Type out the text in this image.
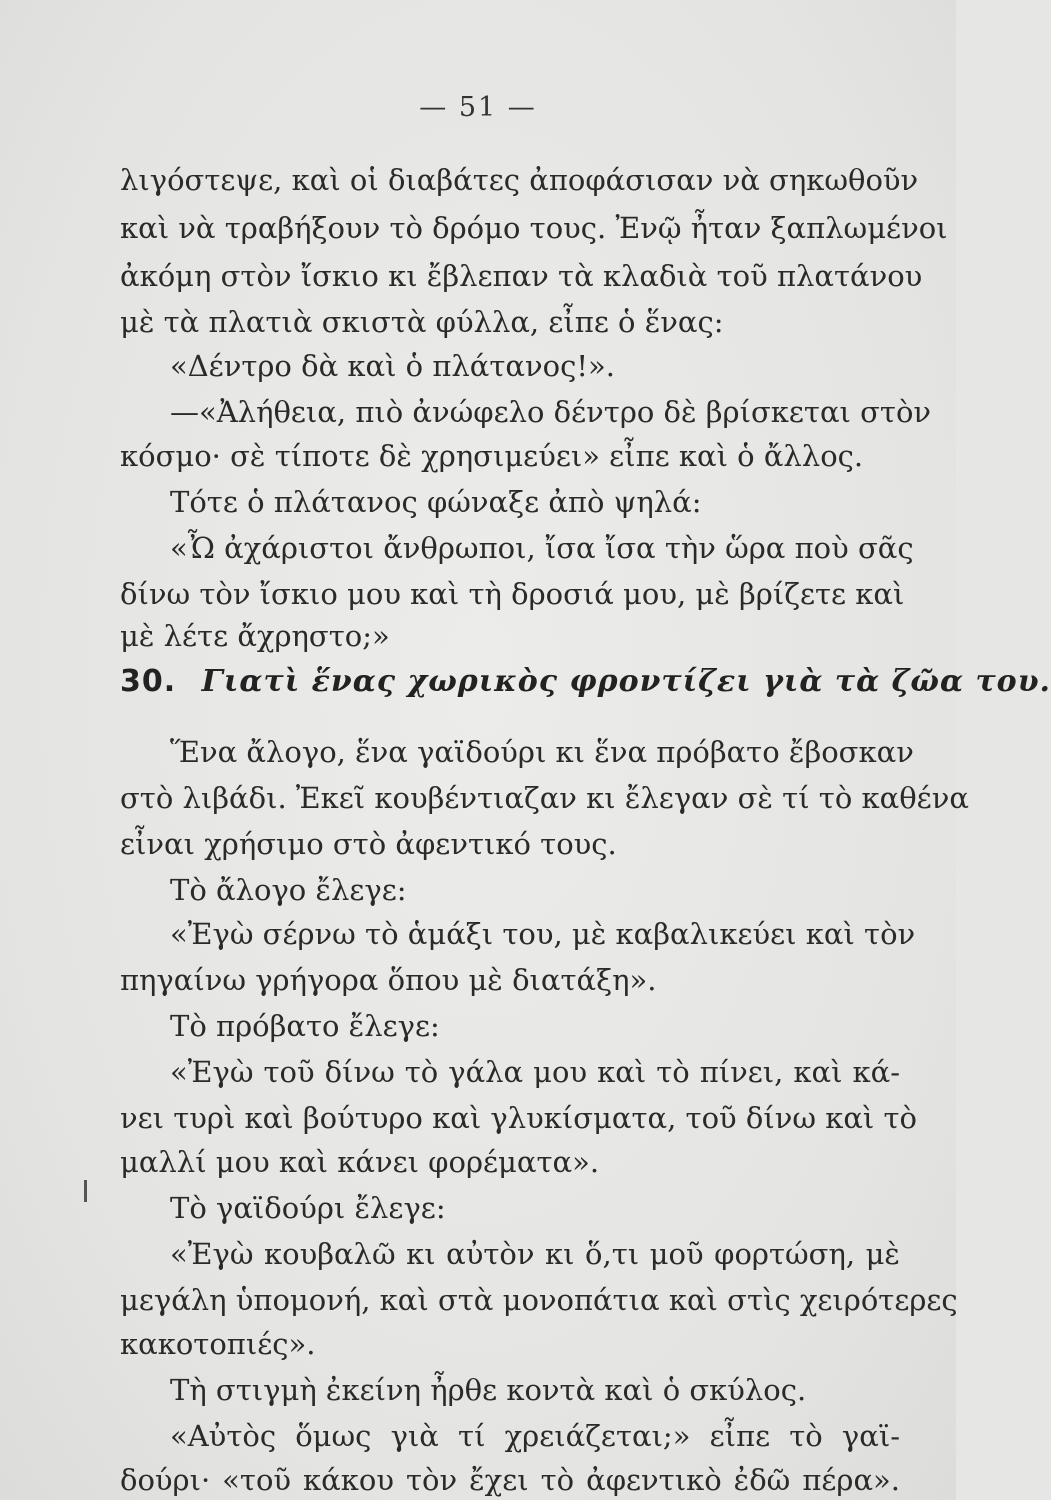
— 51 —
λιγόστεψε, καὶ οἱ διαβάτες ἀποφάσισαν νὰ σηκωθοῦν
καὶ νὰ τραβήξουν τὸ δρόμο τους. Ἐνῷ ἦταν ξαπλωμένοι
ἀκόμη στὸν ἴσκιο κι ἔβλεπαν τὰ κλαδιὰ τοῦ πλατάνου
μὲ τὰ πλατιὰ σκιστὰ φύλλα, εἶπε ὁ ἕνας:
«Δέντρο δὰ καὶ ὁ πλάτανος!».
—«Ἀλήθεια, πιὸ ἀνώφελο δέντρο δὲ βρίσκεται στὸν
κόσμο· σὲ τίποτε δὲ χρησιμεύει» εἶπε καὶ ὁ ἄλλος.
Τότε ὁ πλάτανος φώναξε ἀπὸ ψηλά:
«Ὦ ἀχάριστοι ἄνθρωποι, ἴσα ἴσα τὴν ὥρα ποὺ σᾶς
δίνω τὸν ἴσκιο μου καὶ τὴ δροσιά μου, μὲ βρίζετε καὶ
μὲ λέτε ἄχρηστο;»
30. Γιατὶ ἕνας χωρικὸς φροντίζει γιὰ τὰ ζῶα του.
Ἕνα ἄλογο, ἕνα γαϊδούρι κι ἕνα πρόβατο ἔβοσκαν
στὸ λιβάδι. Ἐκεῖ κουβέντιαζαν κι ἔλεγαν σὲ τί τὸ καθένα
εἶναι χρήσιμο στὸ ἀφεντικό τους.
Τὸ ἄλογο ἔλεγε:
«Ἐγὼ σέρνω τὸ ἁμάξι του, μὲ καβαλικεύει καὶ τὸν
πηγαίνω γρήγορα ὅπου μὲ διατάξη».
Τὸ πρόβατο ἔλεγε:
«Ἐγὼ τοῦ δίνω τὸ γάλα μου καὶ τὸ πίνει, καὶ κά-
νει τυρὶ καὶ βούτυρο καὶ γλυκίσματα, τοῦ δίνω καὶ τὸ
μαλλί μου καὶ κάνει φορέματα».
Τὸ γαϊδούρι ἔλεγε:
«Ἐγὼ κουβαλῶ κι αὐτὸν κι ὅ,τι μοῦ φορτώση, μὲ
μεγάλη ὑπομονή, καὶ στὰ μονοπάτια καὶ στὶς χειρότερες
κακοτοπιές».
Τὴ στιγμὴ ἐκείνη ἦρθε κοντὰ καὶ ὁ σκύλος.
«Αὐτὸς ὅμως γιὰ τί χρειάζεται;» εἶπε τὸ γαϊ-
δούρι· «τοῦ κάκου τὸν ἔχει τὸ ἀφεντικὸ ἐδῶ πέρα».
